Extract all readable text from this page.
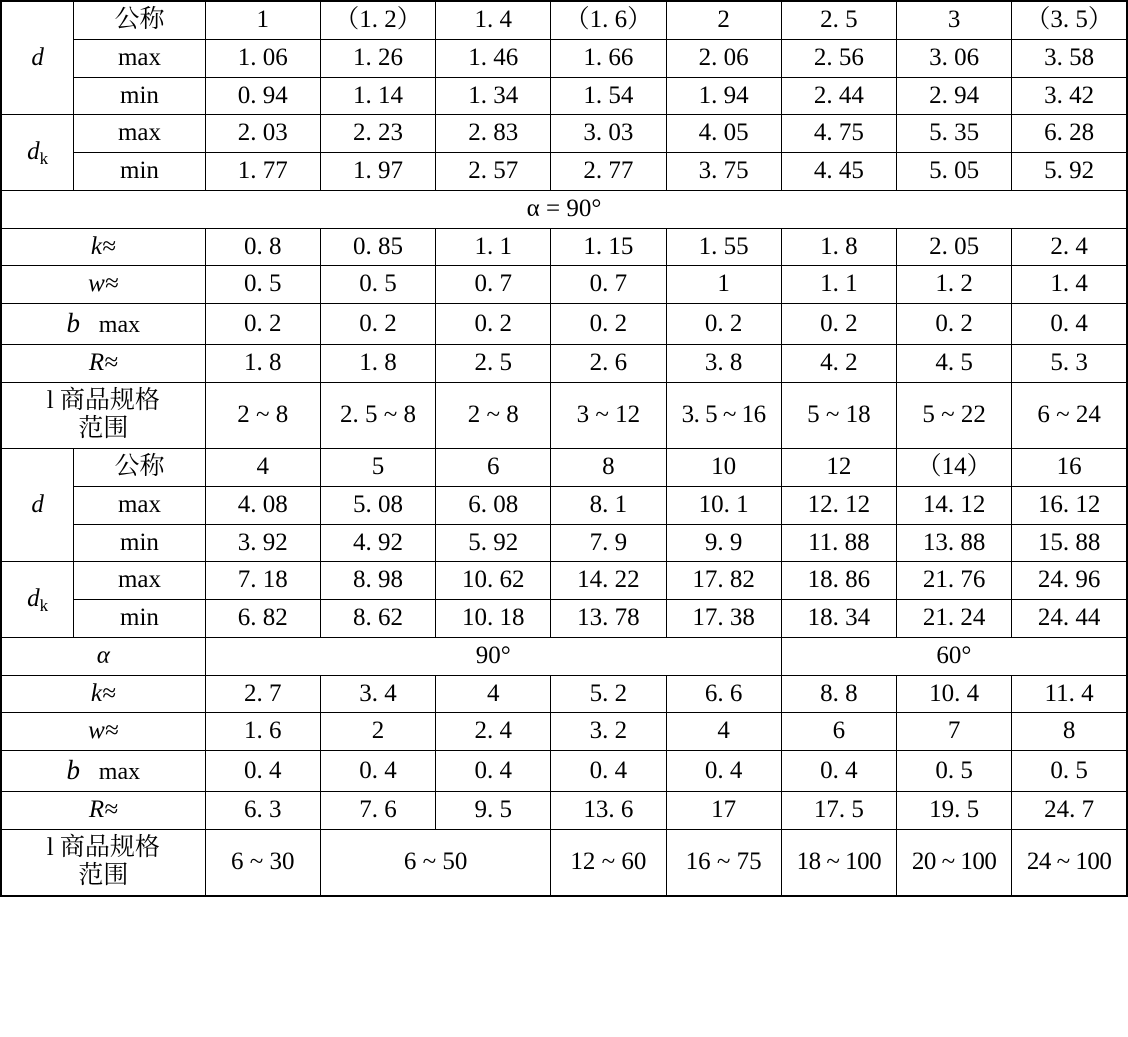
d	公称	1	（1. 2）	1. 4	（1. 6）	2	2. 5	3	（3. 5）
	max	1. 06	1. 26	1. 46	1. 66	2. 06	2. 56	3. 06	3. 58
	min	0. 94	1. 14	1. 34	1. 54	1. 94	2. 44	2. 94	3. 42
$d_k$	max	2. 03	2. 23	2. 83	3. 03	4. 05	4. 75	5. 35	6. 28
	min	1. 77	1. 97	2. 57	2. 77	3. 75	4. 45	5. 05	5. 92
α = 90°									
k≈		0. 8	0. 85	1. 1	1. 15	1. 55	1. 8	2. 05	2. 4
w≈		0. 5	0. 5	0. 7	0. 7	1	1. 1	1. 2	1. 4
b max		0. 2	0. 2	0. 2	0. 2	0. 2	0. 2	0. 2	0. 4
R≈		1. 8	1. 8	2. 5	2. 6	3. 8	4. 2	4. 5	5. 3

l 商品规格
范围		2 ~ 8	2. 5 ~ 8	2 ~ 8	3 ~ 12	3. 5 ~ 16	5 ~ 18	5 ~ 22	6 ~ 24
d	公称	4	5	6	8	10	12	（14）	16
	max	4. 08	5. 08	6. 08	8. 1	10. 1	12. 12	14. 12	16. 12
	min	3. 92	4. 92	5. 92	7. 9	9. 9	11. 88	13. 88	15. 88
$d_k$	max	7. 18	8. 98	10. 62	14. 22	17. 82	18. 86	21. 76	24. 96
	min	6. 82	8. 62	10. 18	13. 78	17. 38	18. 34	21. 24	24. 44
α		90°					60°		
k≈		2. 7	3. 4	4	5. 2	6. 6	8. 8	10. 4	11. 4
w≈		1. 6	2	2. 4	3. 2	4	6	7	8
b max		0. 4	0. 4	0. 4	0. 4	0. 4	0. 4	0. 5	0. 5
R≈		6. 3	7. 6	9. 5	13. 6	17	17. 5	19. 5	24. 7

l 商品规格
范围		6 ~ 30	6 ~ 50		12 ~ 60	16 ~ 75	18 ~ 100	20 ~ 100	24 ~ 100
